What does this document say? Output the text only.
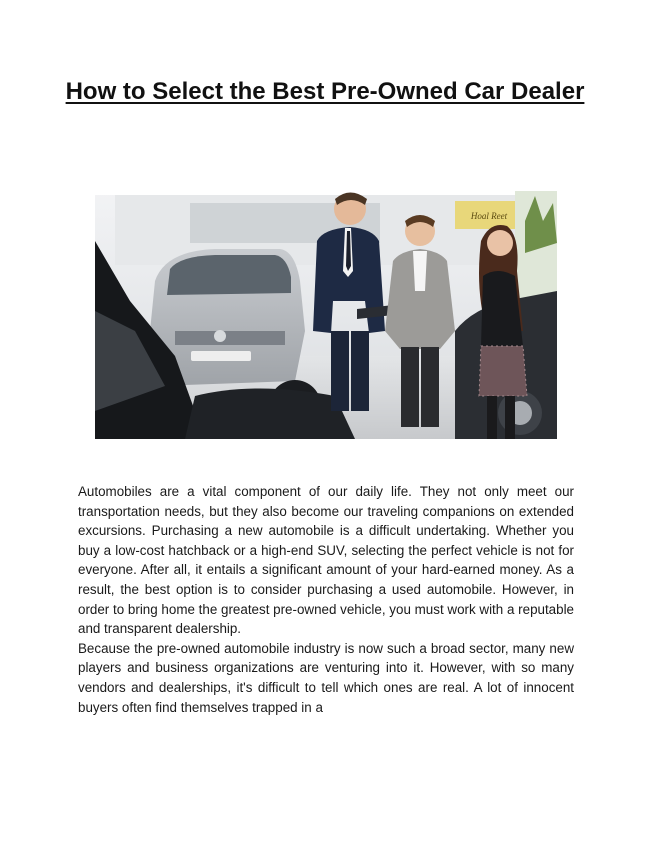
How to Select the Best Pre-Owned Car Dealer
Hoal Reet

Automobiles are a vital component of our daily life. They not only meet our transportation needs, but they also become our traveling companions on extended excursions. Purchasing a new automobile is a difficult undertaking. Whether you buy a low-cost hatchback or a high-end SUV, selecting the perfect vehicle is not for everyone. After all, it entails a significant amount of your hard-earned money. As a result, the best option is to consider purchasing a used automobile. However, in order to bring home the greatest pre-owned vehicle, you must work with a reputable and transparent dealership.

Because the pre-owned automobile industry is now such a broad sector, many new players and business organizations are venturing into it. However, with so many vendors and dealerships, it's difficult to tell which ones are real. A lot of innocent buyers often find themselves trapped in a
